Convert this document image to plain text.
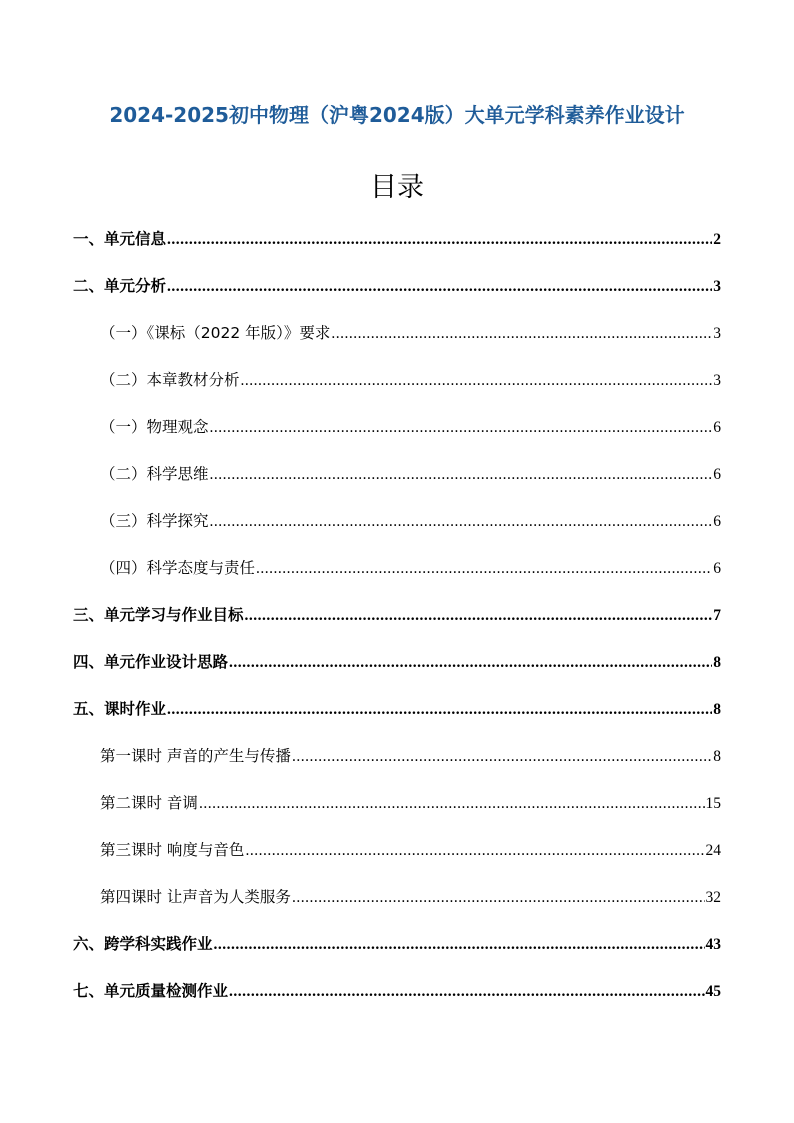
2024-2025初中物理（沪粤2024版）大单元学科素养作业设计
目录
一、单元信息 .....	2
二、单元分析 .....	3
（一）《课标（2022 年版）》要求 .....	3
（二）本章教材分析 .....	3
（一）物理观念 .....	6
（二）科学思维 .....	6
（三）科学探究 .....	6
（四）科学态度与责任 .....	6
三、单元学习与作业目标 .....	7
四、单元作业设计思路 .....	8
五、课时作业 .....	8
第一课时 声音的产生与传播 .....	8
第二课时 音调 .....	15
第三课时 响度与音色 .....	24
第四课时 让声音为人类服务 .....	32
六、跨学科实践作业 .....	43
七、单元质量检测作业 .....	45
